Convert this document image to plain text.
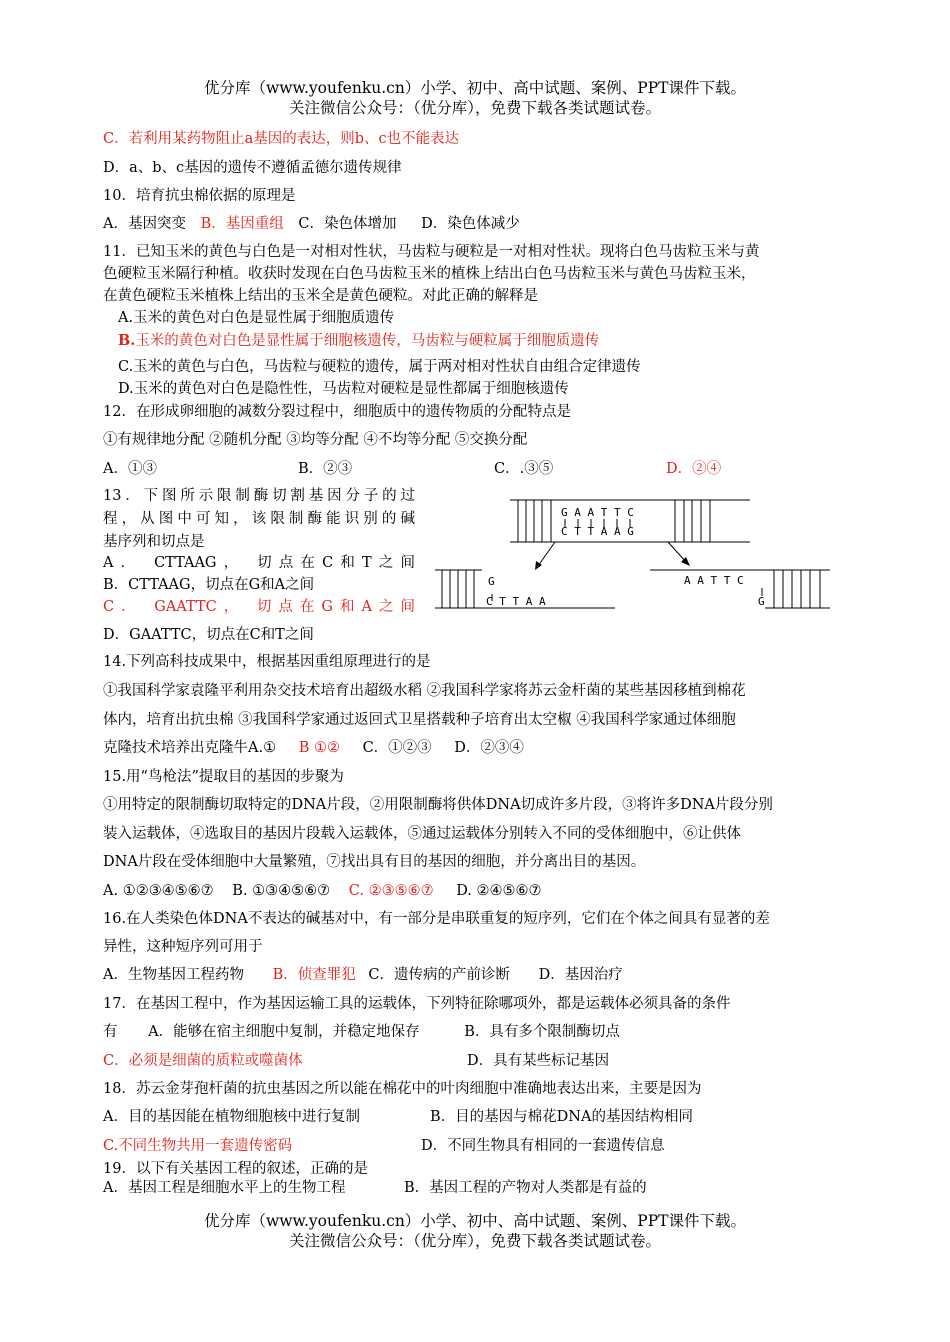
优分库（www.youfenku.cn）小学、初中、高中试题、案例、PPT课件下载。
关注微信公众号：（优分库），免费下载各类试题试卷。
C．若利用某药物阻止a基因的表达，则b、c也不能表达
D．a、b、c基因的遗传不遵循孟德尔遗传规律
10．培育抗虫棉依据的原理是
A．基因突变 B．基因重组 C．染色体增加 D．染色体减少
11．已知玉米的黄色与白色是一对相对性状，马齿粒与硬粒是一对相对性状。现将白色马齿粒玉米与黄
色硬粒玉米隔行种植。收获时发现在白色马齿粒玉米的植株上结出白色马齿粒玉米与黄色马齿粒玉米，
在黄色硬粒玉米植株上结出的玉米全是黄色硬粒。对此正确的解释是
A.玉米的黄色对白色是显性属于细胞质遗传
B.玉米的黄色对白色是显性属于细胞核遗传，马齿粒与硬粒属于细胞质遗传
C.玉米的黄色与白色，马齿粒与硬粒的遗传，属于两对相对性状自由组合定律遗传
D.玉米的黄色对白色是隐性性，马齿粒对硬粒是显性都属于细胞核遗传
12．在形成卵细胞的减数分裂过程中，细胞质中的遗传物质的分配特点是
①有规律地分配 ②随机分配 ③均等分配 ④不均等分配 ⑤交换分配
A．①③	B．②③	C．.③⑤	D．②④
13．下图所示限制酶切割基因分子的过
程，从图中可知，该限制酶能识别的碱
基序列和切点是
A． CTTAAG， 切点在C和T之间
B．CTTAAG，切点在G和A之间
C． GAATTC， 切点在G和A之间
D．GAATTC，切点在C和T之间
G A A T T C
C T T A A G
G
C T T A A
A A T T C
G
14.下列高科技成果中，根据基因重组原理进行的是
①我国科学家袁隆平利用杂交技术培育出超级水稻 ②我国科学家将苏云金杆菌的某些基因移植到棉花
体内，培育出抗虫棉 ③我国科学家通过返回式卫星搭载种子培育出太空椒 ④我国科学家通过体细胞
克隆技术培养出克隆牛A.① B ①② C．①②③ D．②③④
15.用“鸟枪法”提取目的基因的步聚为
①用特定的限制酶切取特定的DNA片段，②用限制酶将供体DNA切成许多片段，③将许多DNA片段分别
装入运载体，④选取目的基因片段载入运载体，⑤通过运载体分别转入不同的受体细胞中，⑥让供体
DNA片段在受体细胞中大量繁殖，⑦找出具有目的基因的细胞，并分离出目的基因。
A. ①②③④⑤⑥⑦ B. ①③④⑤⑥⑦ C. ②③⑤⑥⑦ D. ②④⑤⑥⑦
16.在人类染色体DNA不表达的碱基对中，有一部分是串联重复的短序列，它们在个体之间具有显著的差
异性，这种短序列可用于
A．生物基因工程药物 B．侦查罪犯 C．遗传病的产前诊断 D．基因治疗
17．在基因工程中，作为基因运输工具的运载体，下列特征除哪项外，都是运载体必须具备的条件
有 A．能够在宿主细胞中复制，并稳定地保存	B．具有多个限制酶切点
C．必须是细菌的质粒或噬菌体	D．具有某些标记基因
18．苏云金芽孢杆菌的抗虫基因之所以能在棉花中的叶肉细胞中准确地表达出来，主要是因为
A．目的基因能在植物细胞核中进行复制	B．目的基因与棉花DNA的基因结构相同
C.不同生物共用一套遗传密码	D．不同生物具有相同的一套遗传信息
19．以下有关基因工程的叙述，正确的是
A．基因工程是细胞水平上的生物工程	B．基因工程的产物对人类都是有益的
优分库（www.youfenku.cn）小学、初中、高中试题、案例、PPT课件下载。
关注微信公众号：（优分库），免费下载各类试题试卷。
